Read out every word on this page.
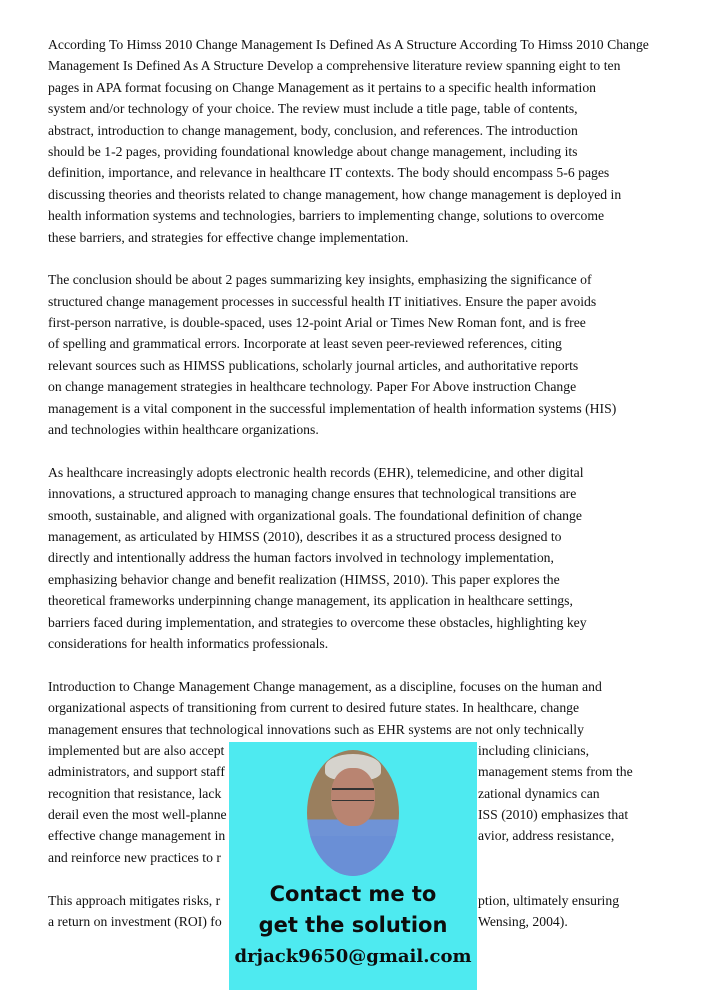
According To Himss 2010 Change Management Is Defined As A Structure According To Himss 2010 Change
Management Is Defined As A Structure Develop a comprehensive literature review spanning eight to ten
pages in APA format focusing on Change Management as it pertains to a specific health information
system and/or technology of your choice. The review must include a title page, table of contents,
abstract, introduction to change management, body, conclusion, and references. The introduction
should be 1-2 pages, providing foundational knowledge about change management, including its
definition, importance, and relevance in healthcare IT contexts. The body should encompass 5-6 pages
discussing theories and theorists related to change management, how change management is deployed in
health information systems and technologies, barriers to implementing change, solutions to overcome
these barriers, and strategies for effective change implementation.
The conclusion should be about 2 pages summarizing key insights, emphasizing the significance of
structured change management processes in successful health IT initiatives. Ensure the paper avoids
first-person narrative, is double-spaced, uses 12-point Arial or Times New Roman font, and is free
of spelling and grammatical errors. Incorporate at least seven peer-reviewed references, citing
relevant sources such as HIMSS publications, scholarly journal articles, and authoritative reports
on change management strategies in healthcare technology. Paper For Above instruction Change
management is a vital component in the successful implementation of health information systems (HIS)
and technologies within healthcare organizations.
As healthcare increasingly adopts electronic health records (EHR), telemedicine, and other digital
innovations, a structured approach to managing change ensures that technological transitions are
smooth, sustainable, and aligned with organizational goals. The foundational definition of change
management, as articulated by HIMSS (2010), describes it as a structured process designed to
directly and intentionally address the human factors involved in technology implementation,
emphasizing behavior change and benefit realization (HIMSS, 2010). This paper explores the
theoretical frameworks underpinning change management, its application in healthcare settings,
barriers faced during implementation, and strategies to overcome these obstacles, highlighting key
considerations for health informatics professionals.
Introduction to Change Management Change management, as a discipline, focuses on the human and
organizational aspects of transitioning from current to desired future states. In healthcare, change
management ensures that technological innovations such as EHR systems are not only technically
implemented but are also accept	including clinicians,
administrators, and support staff	management stems from the
recognition that resistance, lack	zational dynamics can
derail even the most well-planne	ISS (2010) emphasizes that
effective change management in	avior, address resistance,
and reinforce new practices to r
This approach mitigates risks, r	ption, ultimately ensuring
a return on investment (ROI) fo	Wensing, 2004).
Contact me to
get the solution
drjack9650@gmail.com
